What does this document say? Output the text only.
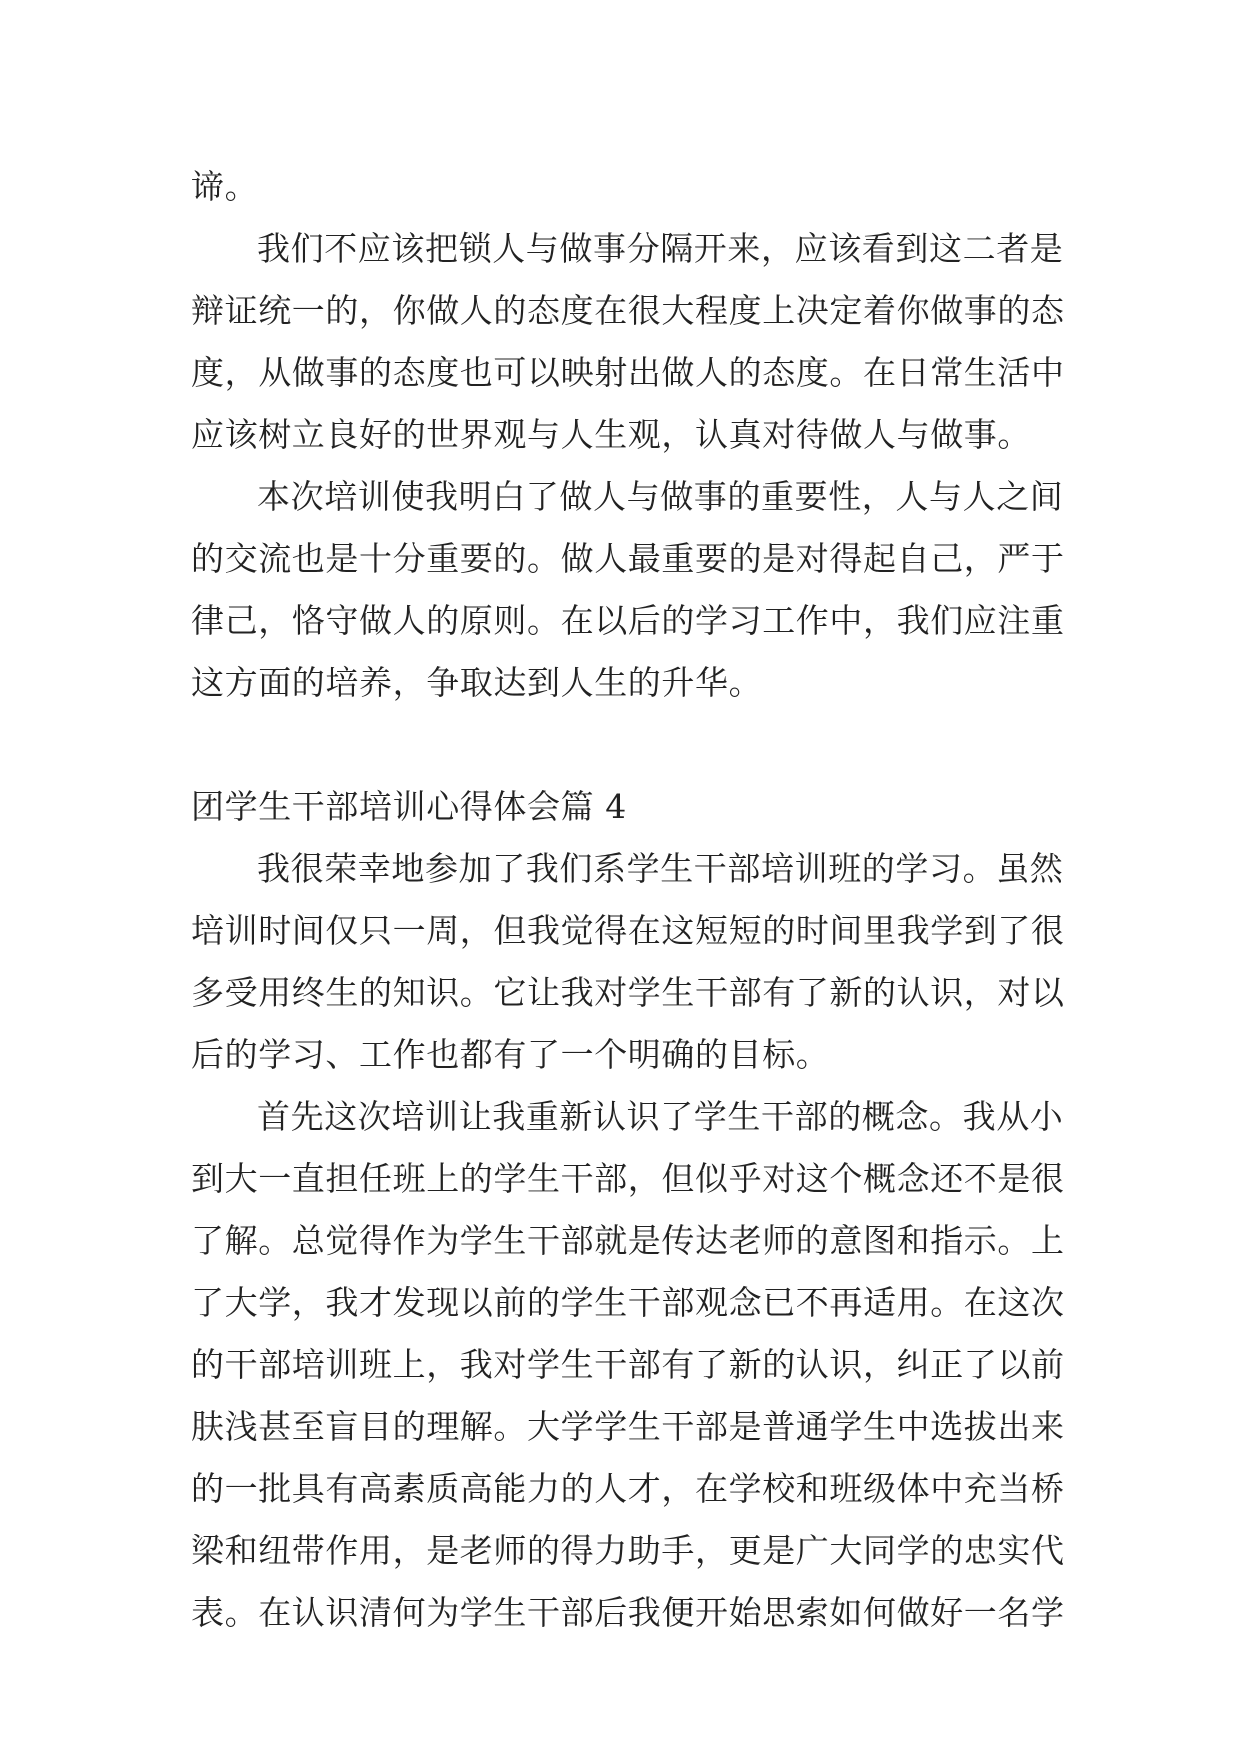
谛。
我们不应该把锁人与做事分隔开来，应该看到这二者是
辩证统一的，你做人的态度在很大程度上决定着你做事的态
度，从做事的态度也可以映射出做人的态度。在日常生活中
应该树立良好的世界观与人生观，认真对待做人与做事。
本次培训使我明白了做人与做事的重要性，人与人之间
的交流也是十分重要的。做人最重要的是对得起自己，严于
律己，恪守做人的原则。在以后的学习工作中，我们应注重
这方面的培养，争取达到人生的升华。
团学生干部培训心得体会篇 4
我很荣幸地参加了我们系学生干部培训班的学习。虽然
培训时间仅只一周，但我觉得在这短短的时间里我学到了很
多受用终生的知识。它让我对学生干部有了新的认识，对以
后的学习、工作也都有了一个明确的目标。
首先这次培训让我重新认识了学生干部的概念。我从小
到大一直担任班上的学生干部，但似乎对这个概念还不是很
了解。总觉得作为学生干部就是传达老师的意图和指示。上
了大学，我才发现以前的学生干部观念已不再适用。在这次
的干部培训班上，我对学生干部有了新的认识，纠正了以前
肤浅甚至盲目的理解。大学学生干部是普通学生中选拔出来
的一批具有高素质高能力的人才，在学校和班级体中充当桥
梁和纽带作用，是老师的得力助手，更是广大同学的忠实代
表。在认识清何为学生干部后我便开始思索如何做好一名学
